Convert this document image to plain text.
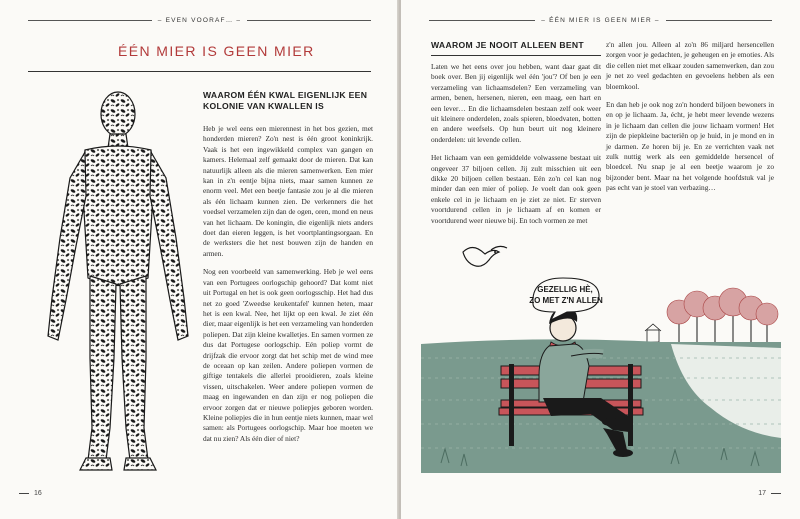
– EVEN VOORAF… –
ÉÉN MIER IS GEEN MIER
WAAROM ÉÉN KWAL EIGENLIJK EEN KOLONIE VAN KWALLEN IS

Heb je wel eens een mierennest in het bos gezien, met honderden mieren? Zo'n nest is één groot koninkrijk. Vaak is het een ingewikkeld complex van gangen en kamers. Helemaal zelf gemaakt door de mieren. Dat kan natuurlijk alleen als die mieren samenwerken. Een mier kan in z'n eentje bijna niets, maar samen kunnen ze enorm veel. Met een beetje fantasie zou je al die mieren als één lichaam kunnen zien. De verkenners die het voedsel verzamelen zijn dan de ogen, oren, mond en neus van het lichaam. De koningin, die eigenlijk niets anders doet dan eieren leggen, is het voortplantingsorgaan. En de werksters die het nest bouwen zijn de handen en armen.

Nog een voorbeeld van samenwerking. Heb je wel eens van een Portugees oorlogschip gehoord? Dat komt niet uit Portugal en het is ook geen oorlogsschip. Het had dus net zo goed 'Zweedse keukentafel' kunnen heten, maar het is een kwal. Nee, het lijkt op een kwal. Je ziet één dier, maar eigenlijk is het een verzameling van honderden poliepen. Dat zijn kleine kwalletjes. En samen vormen ze dus dat Portugese oorlogschip. Eén poliep vormt de drijfzak die ervoor zorgt dat het schip met de wind mee de oceaan op kan zeilen. Andere poliepen vormen de giftige tentakels die allerlei prooidieren, zoals kleine vissen, uitschakelen. Weer andere poliepen vormen de maag en ingewanden en dan zijn er nog poliepen die ervoor zorgen dat er nieuwe poliepjes geboren worden. Kleine poliepjes die in hun eentje niets kunnen, maar wel samen: als Portugees oorlogschip. Maar hoe moeten we dat nu zien? Als één dier of niet?

16
– ÉÉN MIER IS GEEN MIER –
WAAROM JE NOOIT ALLEEN BENT

Laten we het eens over jou hebben, want daar gaat dit boek over. Ben jij eigenlijk wel één 'jou'? Of ben je een verzameling van lichaamsdelen? Een verzameling van armen, benen, hersenen, nieren, een maag, een hart en een lever… En die lichaamsdelen bestaan zelf ook weer uit kleinere onderdelen, zoals spieren, bloedvaten, botten en andere weefsels. Op hun beurt uit nog kleinere onderdelen: uit levende cellen.

Het lichaam van een gemiddelde volwassene bestaat uit ongeveer 37 biljoen cellen. Jij zult misschien uit een dikke 20 biljoen cellen bestaan. Eén zo'n cel kan nog minder dan een mier of poliep. Je voelt dan ook geen enkele cel in je lichaam en je ziet ze niet. Er sterven voortdurend cellen in je lichaam af en komen er voortdurend weer nieuwe bij. En toch vormen ze met

z'n allen jou. Alleen al zo'n 86 miljard hersencellen zorgen voor je gedachten, je geheugen en je emoties. Als die cellen niet met elkaar zouden samenwerken, dan zou je net zo veel gedachten en gevoelens hebben als een bloemkool.

En dan heb je ook nog zo'n honderd biljoen bewoners in en op je lichaam. Ja, écht, je hebt meer levende wezens in je lichaam dan cellen die jouw lichaam vormen! Het zijn de piepkleine bacteriën op je huid, in je mond en in je darmen. Ze horen bij je. En ze verrichten vaak net zulk nuttig werk als een gemiddelde hersencel of bloedcel. Nu snap je al een beetje waarom je zo bijzonder bent. Maar na het volgende hoofdstuk val je pas echt van je stoel van verbazing…

GEZELLIG HÈ,
ZO MET Z'N ALLEN
17
